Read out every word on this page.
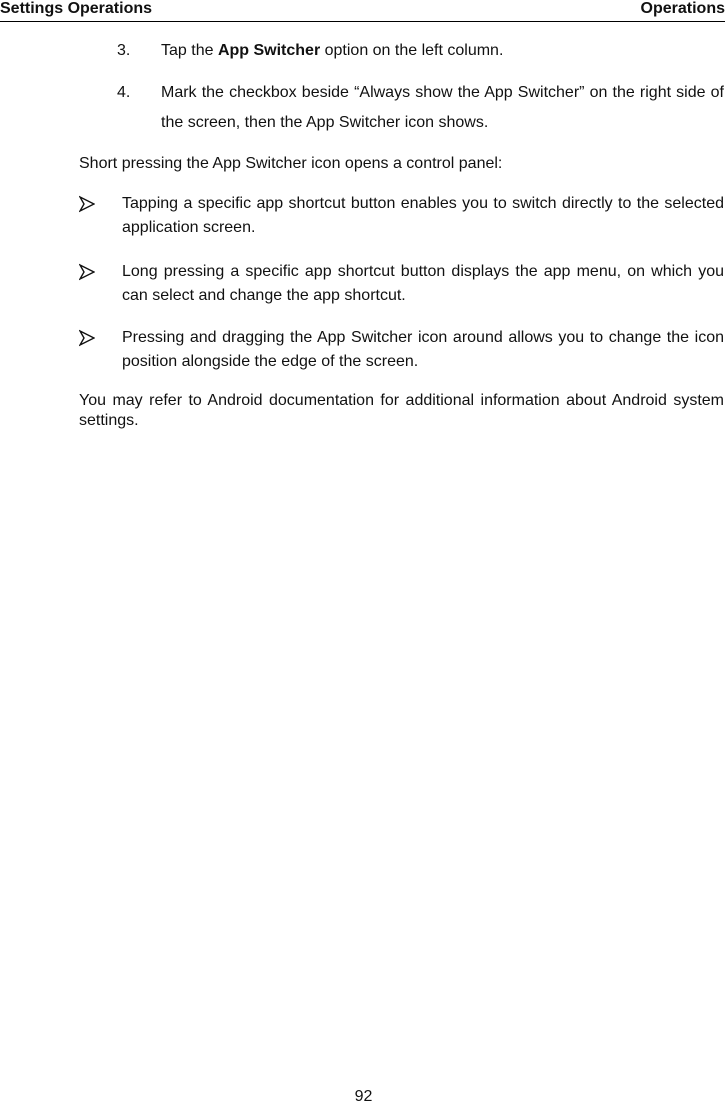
Settings Operations	Operations
3. Tap the App Switcher option on the left column.
4. Mark the checkbox beside “Always show the App Switcher” on the right side of the screen, then the App Switcher icon shows.
Short pressing the App Switcher icon opens a control panel:
Tapping a specific app shortcut button enables you to switch directly to the selected application screen.
Long pressing a specific app shortcut button displays the app menu, on which you can select and change the app shortcut.
Pressing and dragging the App Switcher icon around allows you to change the icon position alongside the edge of the screen.
You may refer to Android documentation for additional information about Android system settings.
92
